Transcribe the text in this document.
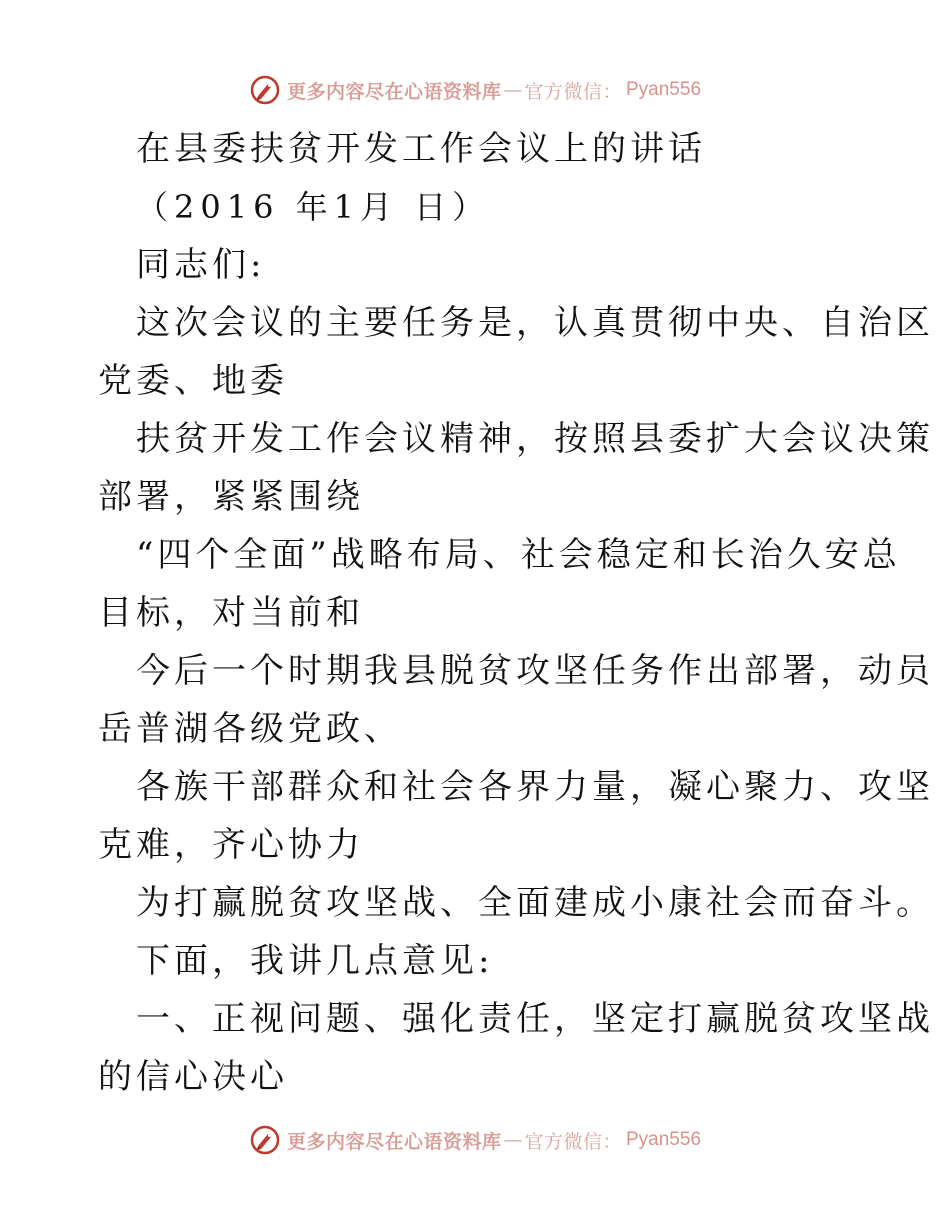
更多内容尽在心语资料库 — 官方微信： Pyan556
在县委扶贫开发工作会议上的讲话
（2016 年1月 日）
同志们:
这次会议的主要任务是，认真贯彻中央、自治区
党委、地委
扶贫开发工作会议精神，按照县委扩大会议决策
部署，紧紧围绕
“四个全面”战略布局、社会稳定和长治久安总
目标，对当前和
今后一个时期我县脱贫攻坚任务作出部署，动员
岳普湖各级党政、
各族干部群众和社会各界力量，凝心聚力、攻坚
克难，齐心协力
为打赢脱贫攻坚战、全面建成小康社会而奋斗。
下面，我讲几点意见:
一、正视问题、强化责任，坚定打赢脱贫攻坚战
的信心决心
更多内容尽在心语资料库 — 官方微信： Pyan556
